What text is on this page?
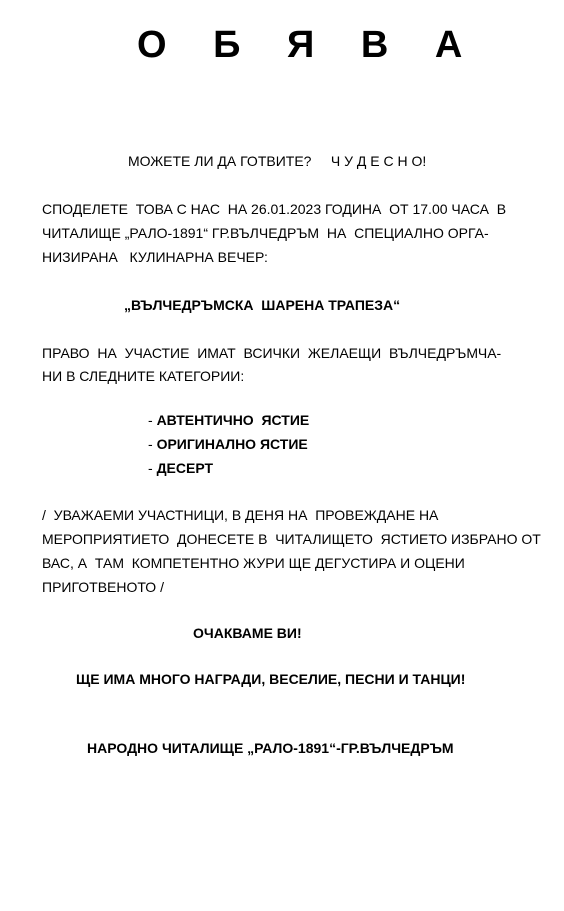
О Б Я В А
МОЖЕТЕ ЛИ ДА ГОТВИТЕ?     Ч У Д Е С Н О!
СПОДЕЛЕТЕ  ТОВА С НАС  НА 26.01.2023 ГОДИНА  ОТ 17.00 ЧАСА  В
ЧИТАЛИЩЕ „РАЛО-1891“ ГР.ВЪЛЧЕДРЪМ  НА  СПЕЦИАЛНО ОРГА-
НИЗИРАНА   КУЛИНАРНА ВЕЧЕР:
„ВЪЛЧЕДРЪМСКА  ШАРЕНА ТРАПЕЗА“
ПРАВО  НА  УЧАСТИЕ  ИМАТ  ВСИЧКИ  ЖЕЛАЕЩИ  ВЪЛЧЕДРЪМЧА-
НИ В СЛЕДНИТЕ КАТЕГОРИИ:
- АВТЕНТИЧНО  ЯСТИЕ
- ОРИГИНАЛНО ЯСТИЕ
- ДЕСЕРТ
/  УВАЖАЕМИ УЧАСТНИЦИ, В ДЕНЯ НА  ПРОВЕЖДАНЕ НА
МЕРОПРИЯТИЕТО  ДОНЕСЕТЕ В  ЧИТАЛИЩЕТО  ЯСТИЕТО ИЗБРАНО ОТ
ВАС, А  ТАМ  КОМПЕТЕНТНО ЖУРИ ЩЕ ДЕГУСТИРА И ОЦЕНИ
ПРИГОТВЕНОТО /
ОЧАКВАМЕ ВИ!
ЩЕ ИМА МНОГО НАГРАДИ, ВЕСЕЛИЕ, ПЕСНИ И ТАНЦИ!
НАРОДНО ЧИТАЛИЩЕ „РАЛО-1891“-ГР.ВЪЛЧЕДРЪМ
